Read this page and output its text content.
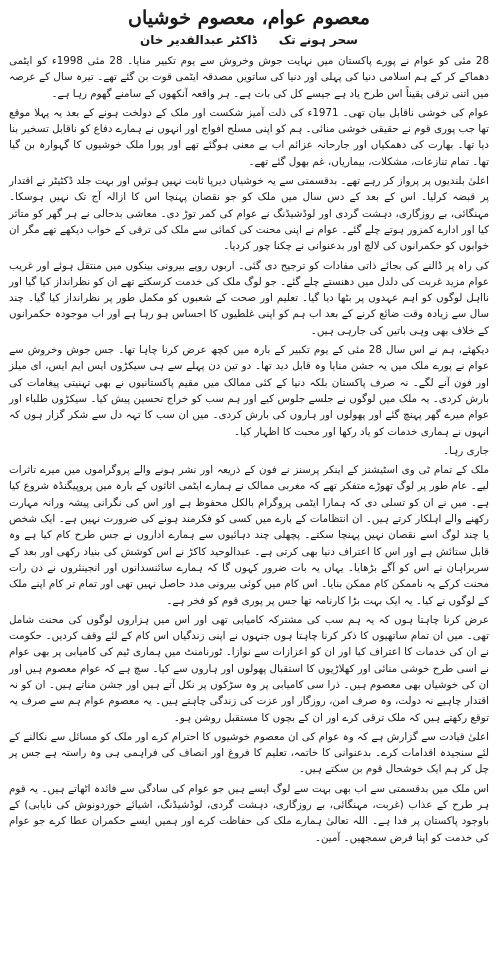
معصوم عوام، معصوم خوشیاں
سحر ہونے تک
ڈاکٹر عبدالقدیر خان

28 مئی کو عوام نے پورے پاکستان میں نہایت جوش وخروش سے یوم تکبیر منایا۔ 28 مئی 1998ء کو ایٹمی دھماکے کر کے ہم اسلامی دنیا کی پہلی اور دنیا کی ساتویں مصدقہ ایٹمی قوت بن گئے تھے۔ تیرہ سال کے عرصہ میں اتنی ترقی یقیناً اس طرح یاد ہے جیسے کل کی بات ہے۔ ہر واقعہ آنکھوں کے سامنے گھوم رہا ہے۔

عوام کی خوشی ناقابل بیان تھی۔ 1971ء کی ذلت آمیز شکست اور ملک کے دولخت ہونے کے بعد یہ پہلا موقع تھا جب پوری قوم نے حقیقی خوشی منائی۔ ہم کو اپنی مسلح افواج اور انہوں نے ہمارے دفاع کو ناقابل تسخیر بنا دیا تھا۔ بھارت کی دھمکیاں اور جارحانہ عزائم اب بے معنی ہوگئے تھے اور پورا ملک خوشیوں کا گہوارہ بن گیا تھا۔ تمام تنازعات، مشکلات، بیماریاں، غم بھول گئے تھے۔

اعلیٰ بلندیوں پر پرواز کر رہے تھے۔ بدقسمتی سے یہ خوشیاں دیرپا ثابت نہیں ہوئیں اور بہت جلد ڈکٹیٹر نے اقتدار پر قبضہ کرلیا۔ اس کے بعد کے دس سال میں ملک کو جو نقصان پہنچا اس کا ازالہ آج تک نہیں ہوسکا۔ مہنگائی، بے روزگاری، دہشت گردی اور لوڈشیڈنگ نے عوام کی کمر توڑ دی۔ معاشی بدحالی نے ہر گھر کو متاثر کیا اور ادارے کمزور ہوتے چلے گئے۔ عوام نے اپنی محنت کی کمائی سے ملک کی ترقی کے خواب دیکھے تھے مگر ان خوابوں کو حکمرانوں کی لالچ اور بدعنوانی نے چکنا چور کردیا۔

کی راہ پر ڈالنے کی بجائے ذاتی مفادات کو ترجیح دی گئی۔ اربوں روپے بیرونی بینکوں میں منتقل ہوئے اور غریب عوام مزید غربت کی دلدل میں دھنستے چلے گئے۔ جو لوگ ملک کی خدمت کرسکتے تھے ان کو نظرانداز کیا گیا اور نااہل لوگوں کو اہم عہدوں پر بٹھا دیا گیا۔ تعلیم اور صحت کے شعبوں کو مکمل طور پر نظرانداز کیا گیا۔ چند سال سے زیادہ وقت ضائع کرنے کے بعد اب ہم کو اپنی غلطیوں کا احساس ہو رہا ہے اور اب موجودہ حکمرانوں کے خلاف بھی وہی باتیں کی جارہی ہیں۔

دیکھئے، ہم نے اس سال 28 مئی کے یوم تکبیر کے بارہ میں کچھ عرض کرنا چاہا تھا۔ جس جوش وخروش سے عوام نے پورے ملک میں یہ جشن منایا وہ قابل دید تھا۔ دو تین دن پہلے سے ہی سیکڑوں ایس ایم ایس، ای میلز اور فون آنے لگے۔ نہ صرف پاکستان بلکہ دنیا کے کئی ممالک میں مقیم پاکستانیوں نے بھی تہنیتی پیغامات کی بارش کردی۔ یہ ملک میں لوگوں نے جلسے جلوس کیے اور ہم سب کو خراج تحسین پیش کیا۔ سیکڑوں طلباء اور عوام میرے گھر پہنچ گئے اور پھولوں اور ہاروں کی بارش کردی۔ میں ان سب کا تہہ دل سے شکر گزار ہوں کہ انہوں نے ہماری خدمات کو یاد رکھا اور محبت کا اظہار کیا۔

جاری رہا۔

ملک کے تمام ٹی وی اسٹیشنز کے اینکر پرسنز نے فون کے ذریعہ اور نشر ہونے والے پروگراموں میں میرے تاثرات لیے۔ عام طور پر لوگ تھوڑے متفکر تھے کہ مغربی ممالک نے ہمارے ایٹمی اثاثوں کے بارہ میں پروپیگنڈہ شروع کیا ہے۔ میں نے ان کو تسلی دی کہ ہمارا ایٹمی پروگرام بالکل محفوظ ہے اور اس کی نگرانی پیشہ ورانہ مہارت رکھنے والے اہلکار کرتے ہیں۔ ان انتظامات کے بارے میں کسی کو فکرمند ہونے کی ضرورت نہیں ہے۔ ایک شخص یا چند لوگ اسے نقصان نہیں پہنچا سکتے۔ پچھلی چند دہائیوں سے ہمارے اداروں نے جس طرح کام کیا ہے وہ قابل ستائش ہے اور اس کا اعتراف دنیا بھی کرتی ہے۔ عبدالوحید کاکڑ نے اس کوشش کی بنیاد رکھی اور بعد کے سربراہان نے اس کو آگے بڑھایا۔ یہاں یہ بات ضرور کہوں گا کہ ہمارے سائنسدانوں اور انجینئروں نے دن رات محنت کرکے یہ ناممکن کام ممکن بنایا۔ اس کام میں کوئی بیرونی مدد حاصل نہیں تھی اور تمام تر کام اپنے ملک کے لوگوں نے کیا۔ یہ ایک بہت بڑا کارنامہ تھا جس پر پوری قوم کو فخر ہے۔

عرض کرنا چاہتا ہوں کہ یہ ہم سب کی مشترکہ کامیابی تھی اور اس میں ہزاروں لوگوں کی محنت شامل تھی۔ میں ان تمام ساتھیوں کا ذکر کرنا چاہتا ہوں جنہوں نے اپنی زندگیاں اس کام کے لئے وقف کردیں۔ حکومت نے ان کی خدمات کا اعتراف کیا اور ان کو اعزازات سے نوازا۔ ٹورنامنٹ میں ہماری ٹیم کی کامیابی پر بھی عوام نے اسی طرح خوشی منائی اور کھلاڑیوں کا استقبال پھولوں اور ہاروں سے کیا۔ سچ ہے کہ عوام معصوم ہیں اور ان کی خوشیاں بھی معصوم ہیں۔ ذرا سی کامیابی پر وہ سڑکوں پر نکل آتے ہیں اور جشن مناتے ہیں۔ ان کو نہ اقتدار چاہیے نہ دولت، وہ صرف امن، روزگار اور عزت کی زندگی چاہتے ہیں۔ یہ معصوم عوام ہم سے صرف یہ توقع رکھتے ہیں کہ ملک ترقی کرے اور ان کے بچوں کا مستقبل روشن ہو۔

اعلیٰ قیادت سے گزارش ہے کہ وہ عوام کی ان معصوم خوشیوں کا احترام کرے اور ملک کو مسائل سے نکالنے کے لئے سنجیدہ اقدامات کرے۔ بدعنوانی کا خاتمہ، تعلیم کا فروغ اور انصاف کی فراہمی ہی وہ راستہ ہے جس پر چل کر ہم ایک خوشحال قوم بن سکتے ہیں۔

اس ملک میں بدقسمتی سے اب بھی بہت سے لوگ ایسے ہیں جو عوام کی سادگی سے فائدہ اٹھاتے ہیں۔ یہ قوم ہر طرح کے عذاب (غربت، مہنگائی، بے روزگاری، دہشت گردی، لوڈشیڈنگ، اشیائے خوردونوش کی نایابی) کے باوجود پاکستان پر فدا ہے۔ اللہ تعالیٰ ہمارے ملک کی حفاظت کرے اور ہمیں ایسے حکمران عطا کرے جو عوام کی خدمت کو اپنا فرض سمجھیں۔ آمین۔
